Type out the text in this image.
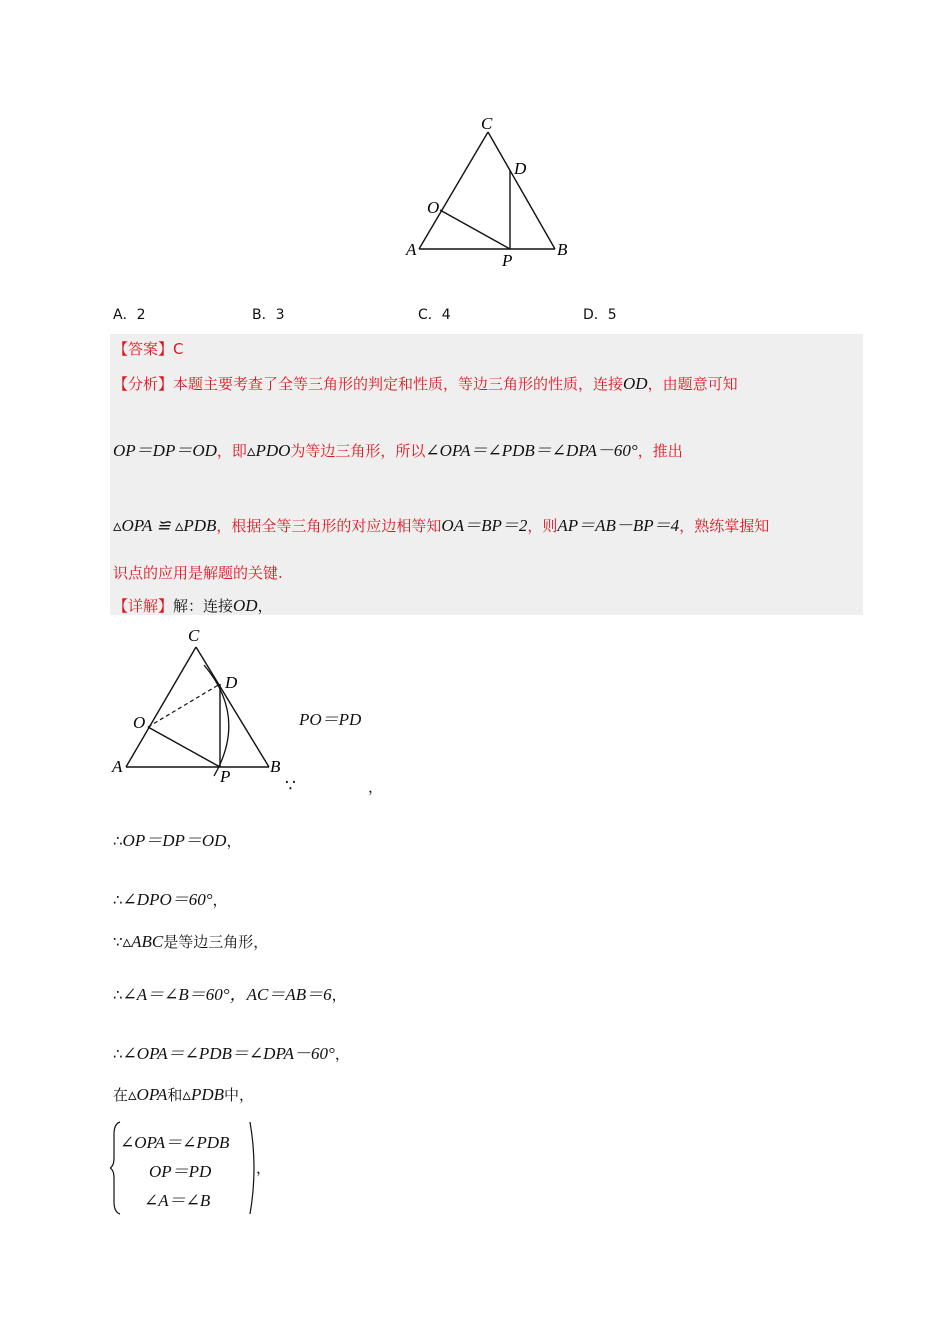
C
D
O
A
P
B
A．2	B．3	C．4	D．5
【答案】C
【分析】本题主要考查了全等三角形的判定和性质，等边三角形的性质，连接OD，由题意可知
OP＝DP＝OD，即▵PDO为等边三角形，所以∠OPA＝∠PDB＝∠DPA－60°，推出
▵OPA ≌ ▵PDB，根据全等三角形的对应边相等知OA＝BP＝2，则AP＝AB－BP＝4，熟练掌握知
识点的应用是解题的关键.
【详解】解：连接OD，
C
D
O
A
P
B
PO＝PD
∵	，
∴OP＝DP＝OD，
∴∠DPO＝60°，
∵▵ABC是等边三角形，
∴∠A＝∠B＝60°，AC＝AB＝6，
∴∠OPA＝∠PDB＝∠DPA－60°，
在▵OPA和▵PDB中，
∠OPA＝∠PDB
OP＝PD
∠A＝∠B
，
